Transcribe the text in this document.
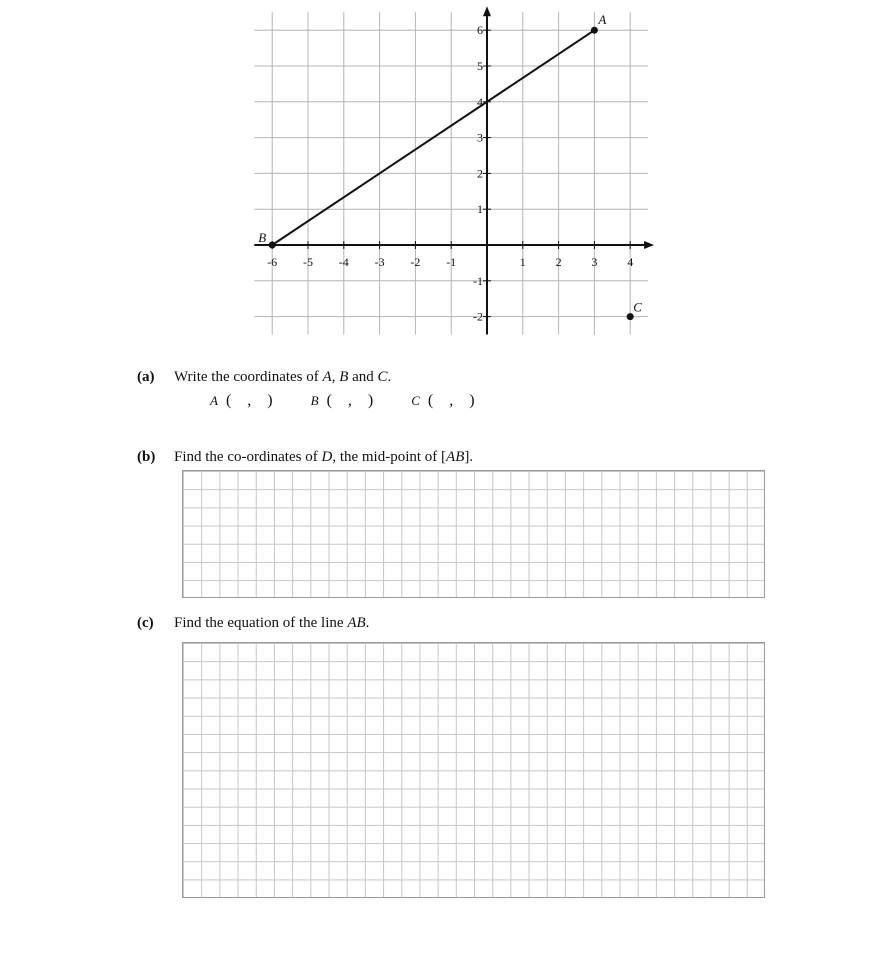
-6 -5 -4 -3 -2 -1	1 2 3 4
6
5
4
3
2
1
-1
-2
A
B
C
(a) Write the coordinates of A, B and C.
A ( , )	B ( , )	C ( , )
(b) Find the co-ordinates of D, the mid-point of [AB].
(c) Find the equation of the line AB.
